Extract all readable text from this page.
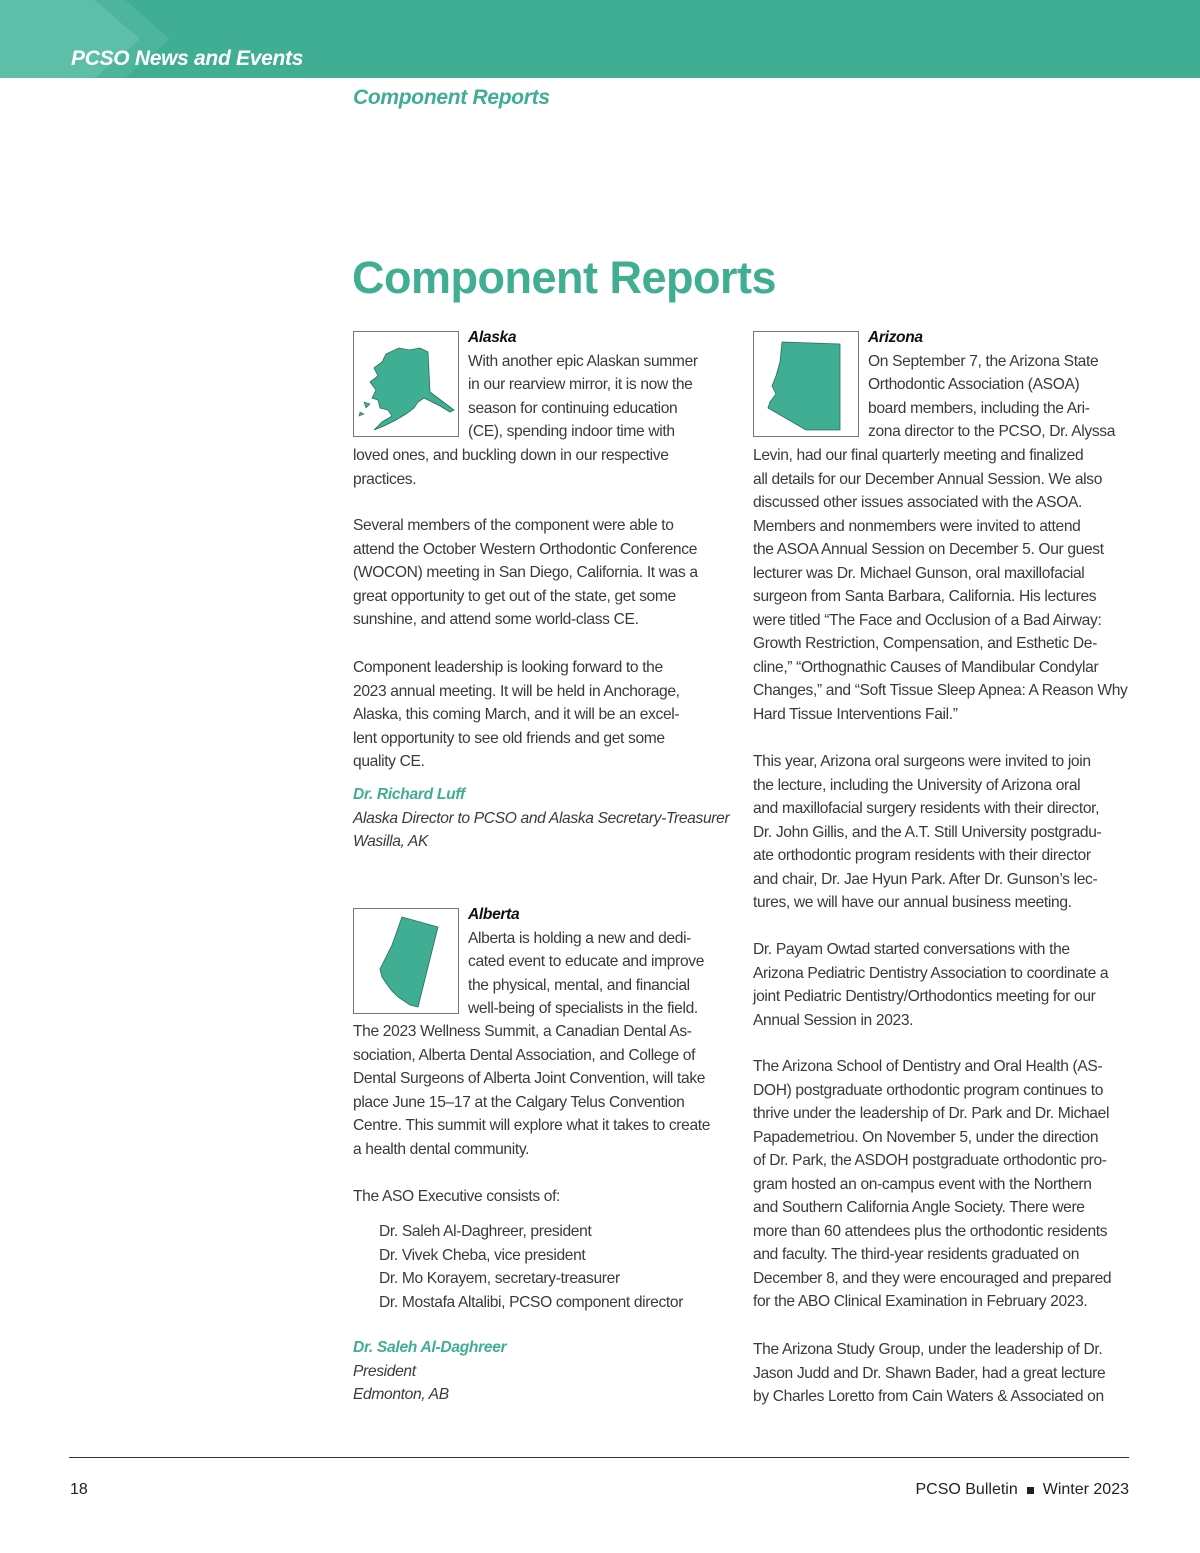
PCSO News and Events
Component Reports
Component Reports

Alaska

With another epic Alaskan summer

in our rearview mirror, it is now the

season for continuing education

(CE), spending indoor time with

loved ones, and buckling down in our respective

practices.

Several members of the component were able to

attend the October Western Orthodontic Conference

(WOCON) meeting in San Diego, California. It was a

great opportunity to get out of the state, get some

sunshine, and attend some world-class CE.

Component leadership is looking forward to the

2023 annual meeting. It will be held in Anchorage,

Alaska, this coming March, and it will be an excel-

lent opportunity to see old friends and get some

quality CE.

Dr. Richard Luff
Alaska Director to PCSO and Alaska Secretary-Treasurer
Wasilla, AK

Alberta

Alberta is holding a new and dedi-

cated event to educate and improve

the physical, mental, and financial

well-being of specialists in the field.

The 2023 Wellness Summit, a Canadian Dental As-

sociation, Alberta Dental Association, and College of

Dental Surgeons of Alberta Joint Convention, will take

place June 15–17 at the Calgary Telus Convention

Centre. This summit will explore what it takes to create

a health dental community.

The ASO Executive consists of:

Dr. Saleh Al-Daghreer, president

Dr. Vivek Cheba, vice president

Dr. Mo Korayem, secretary-treasurer

Dr. Mostafa Altalibi, PCSO component director

Dr. Saleh Al-Daghreer
President
Edmonton, AB

Arizona

On September 7, the Arizona State

Orthodontic Association (ASOA)

board members, including the Ari-

zona director to the PCSO, Dr. Alyssa

Levin, had our final quarterly meeting and finalized

all details for our December Annual Session. We also

discussed other issues associated with the ASOA.

Members and nonmembers were invited to attend

the ASOA Annual Session on December 5. Our guest

lecturer was Dr. Michael Gunson, oral maxillofacial

surgeon from Santa Barbara, California. His lectures

were titled “The Face and Occlusion of a Bad Airway:

Growth Restriction, Compensation, and Esthetic De-

cline,” “Orthognathic Causes of Mandibular Condylar

Changes,” and “Soft Tissue Sleep Apnea: A Reason Why

Hard Tissue Interventions Fail.”

This year, Arizona oral surgeons were invited to join

the lecture, including the University of Arizona oral

and maxillofacial surgery residents with their director,

Dr. John Gillis, and the A.T. Still University postgradu-

ate orthodontic program residents with their director

and chair, Dr. Jae Hyun Park. After Dr. Gunson’s lec-

tures, we will have our annual business meeting.

Dr. Payam Owtad started conversations with the

Arizona Pediatric Dentistry Association to coordinate a

joint Pediatric Dentistry/Orthodontics meeting for our

Annual Session in 2023.

The Arizona School of Dentistry and Oral Health (AS-

DOH) postgraduate orthodontic program continues to

thrive under the leadership of Dr. Park and Dr. Michael

Papademetriou. On November 5, under the direction

of Dr. Park, the ASDOH postgraduate orthodontic pro-

gram hosted an on-campus event with the Northern

and Southern California Angle Society. There were

more than 60 attendees plus the orthodontic residents

and faculty. The third-year residents graduated on

December 8, and they were encouraged and prepared

for the ABO Clinical Examination in February 2023.

The Arizona Study Group, under the leadership of Dr.

Jason Judd and Dr. Shawn Bader, had a great lecture

by Charles Loretto from Cain Waters & Associated on

18	PCSO Bulletin Winter 2023
